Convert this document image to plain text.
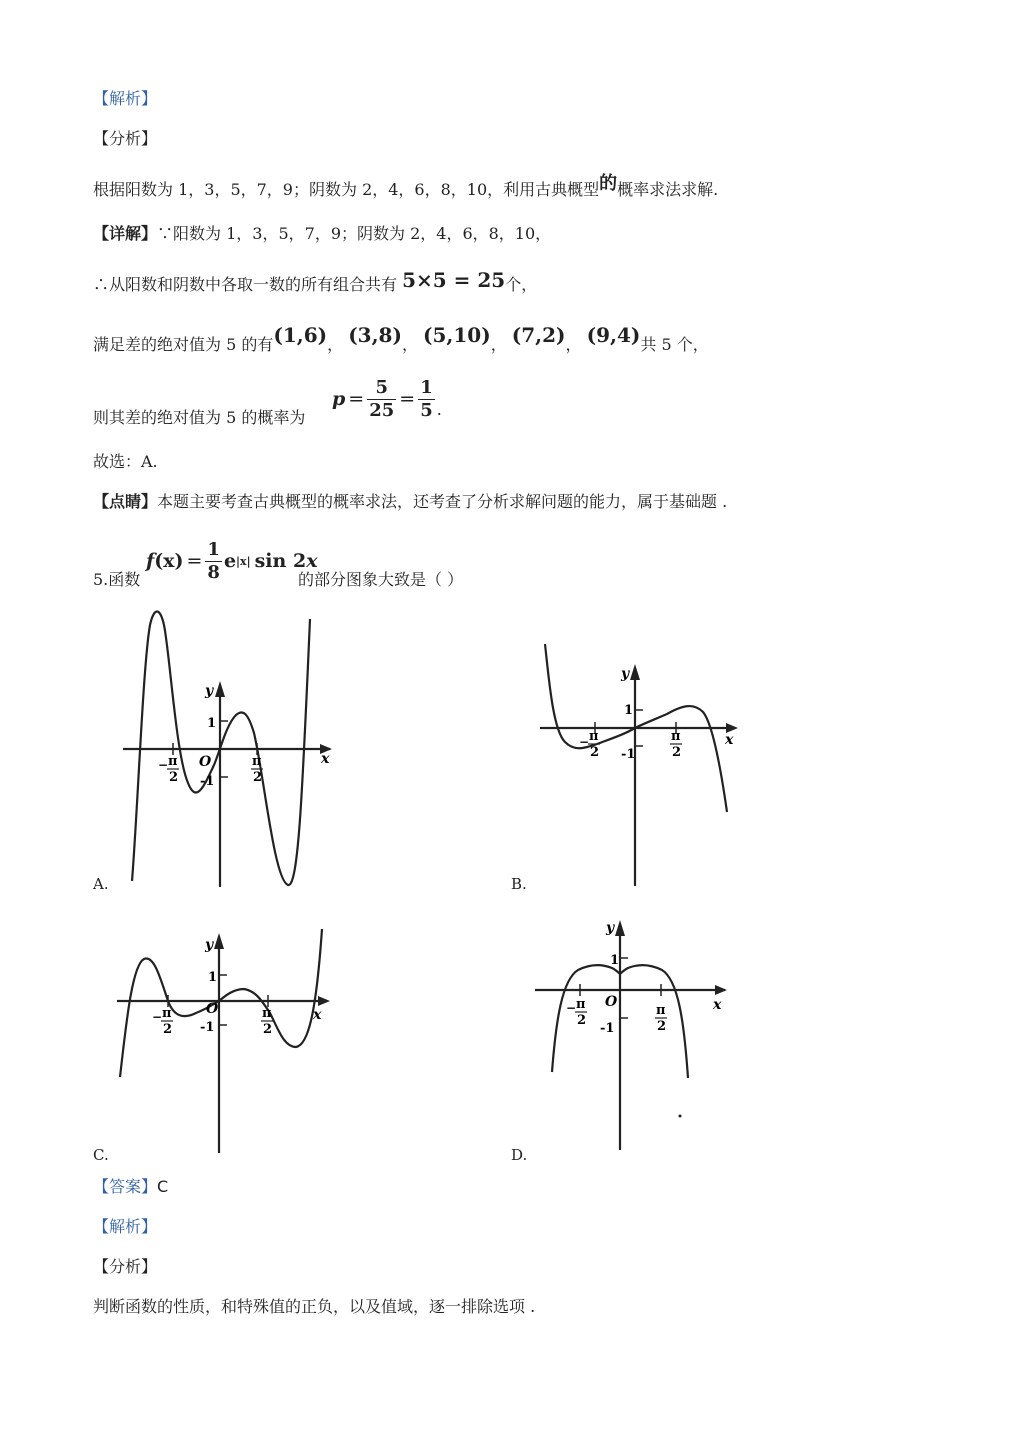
【解析】
【分析】
根据阳数为 1，3，5，7，9；阴数为 2，4，6，8，10，利用古典概型的概率求法求解.
【详解】∵阳数为 1，3，5，7，9；阴数为 2，4，6，8，10，
∴从阳数和阴数中各取一数的所有组合共有 5×5 = 25个，
满足差的绝对值为 5 的有(1,6)， (3,8)， (5,10)， (7,2)， (9,4)共 5 个，
则其差的绝对值为 5 的概率为
$p = \frac{5}{25} = \frac{1}{5}$ .
故选：A.
【点睛】本题主要考查古典概型的概率求法，还考查了分析求解问题的能力，属于基础题 .
5.函数
f $(x) = \frac{1}{8}$ e |x| sin 2 x
的部分图象大致是（ ）
y
x
O
1
-1
− π
2
π
2
A.
y
x
1
-1
− π
2
π
2
B.
y
x
O
1
-1
− π
2
π
2
C.
y
x
O
1
-1
− π
2
π
2
D.
【答案】C
【解析】
【分析】
判断函数的性质，和特殊值的正负，以及值域，逐一排除选项 .
